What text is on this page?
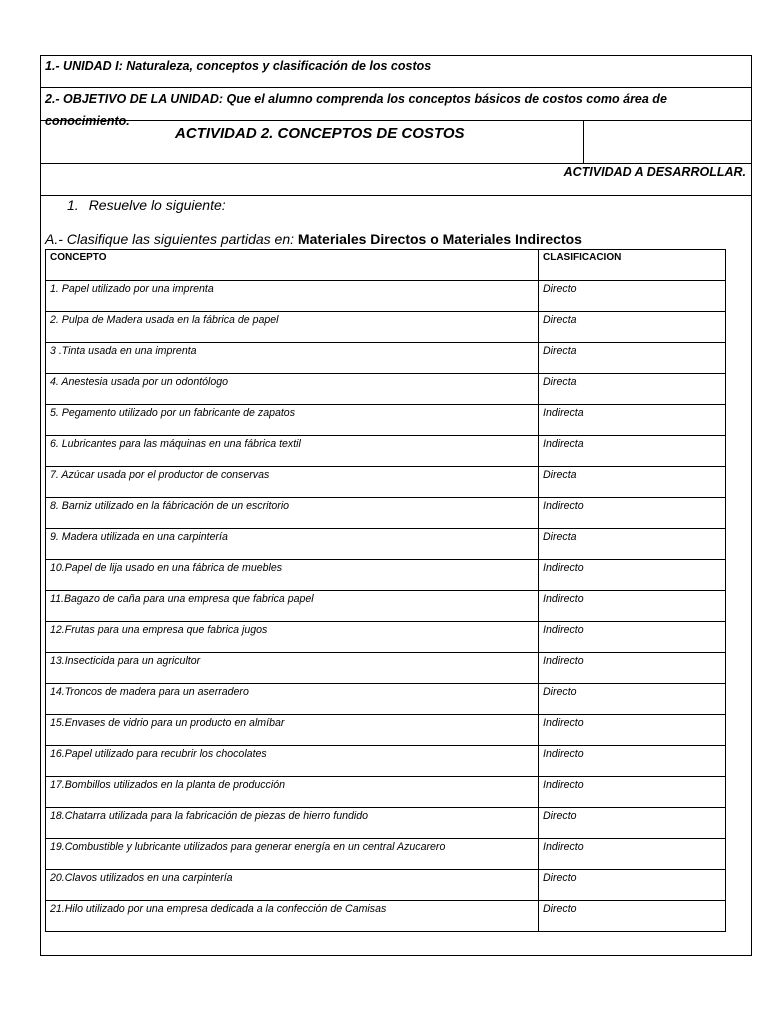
1.- UNIDAD I: Naturaleza, conceptos y clasificación de los costos
2.- OBJETIVO DE LA UNIDAD: Que el alumno comprenda los conceptos básicos de costos como área de conocimiento.
ACTIVIDAD 2. CONCEPTOS DE COSTOS
ACTIVIDAD A DESARROLLAR.
1. Resuelve lo siguiente:
A.- Clasifique las siguientes partidas en: Materiales Directos o Materiales Indirectos
CONCEPTO	CLASIFICACION
1. Papel utilizado por una imprenta	Directo
2. Pulpa de Madera usada en la fábrica de papel	Directa
3 .Tinta usada en una imprenta	Directa
4. Anestesia usada por un odontólogo	Directa
5. Pegamento utilizado por un fabricante de zapatos	Indirecta
6. Lubricantes para las máquinas en una fábrica textil	Indirecta
7. Azúcar usada por el productor de conservas	Directa
8. Barniz utilizado en la fábricación de un escritorio	Indirecto
9. Madera utilizada en una carpintería	Directa
10.Papel de lija usado en una fábrica de muebles	Indirecto
11.Bagazo de caña para una empresa que fabrica papel	Indirecto
12.Frutas para una empresa que fabrica jugos	Indirecto
13.Insecticida para un agricultor	Indirecto
14.Troncos de madera para un aserradero	Directo
15.Envases de vidrio para un producto en almíbar	Indirecto
16.Papel utilizado para recubrir los chocolates	Indirecto
17.Bombillos utilizados en la planta de producción	Indirecto
18.Chatarra utilizada para la fabricación de piezas de hierro fundido	Directo
19.Combustible y lubricante utilizados para generar energía en un central Azucarero	Indirecto
20.Clavos utilizados en una carpintería	Directo
21.Hilo utilizado por una empresa dedicada a la confección de Camisas	Directo
